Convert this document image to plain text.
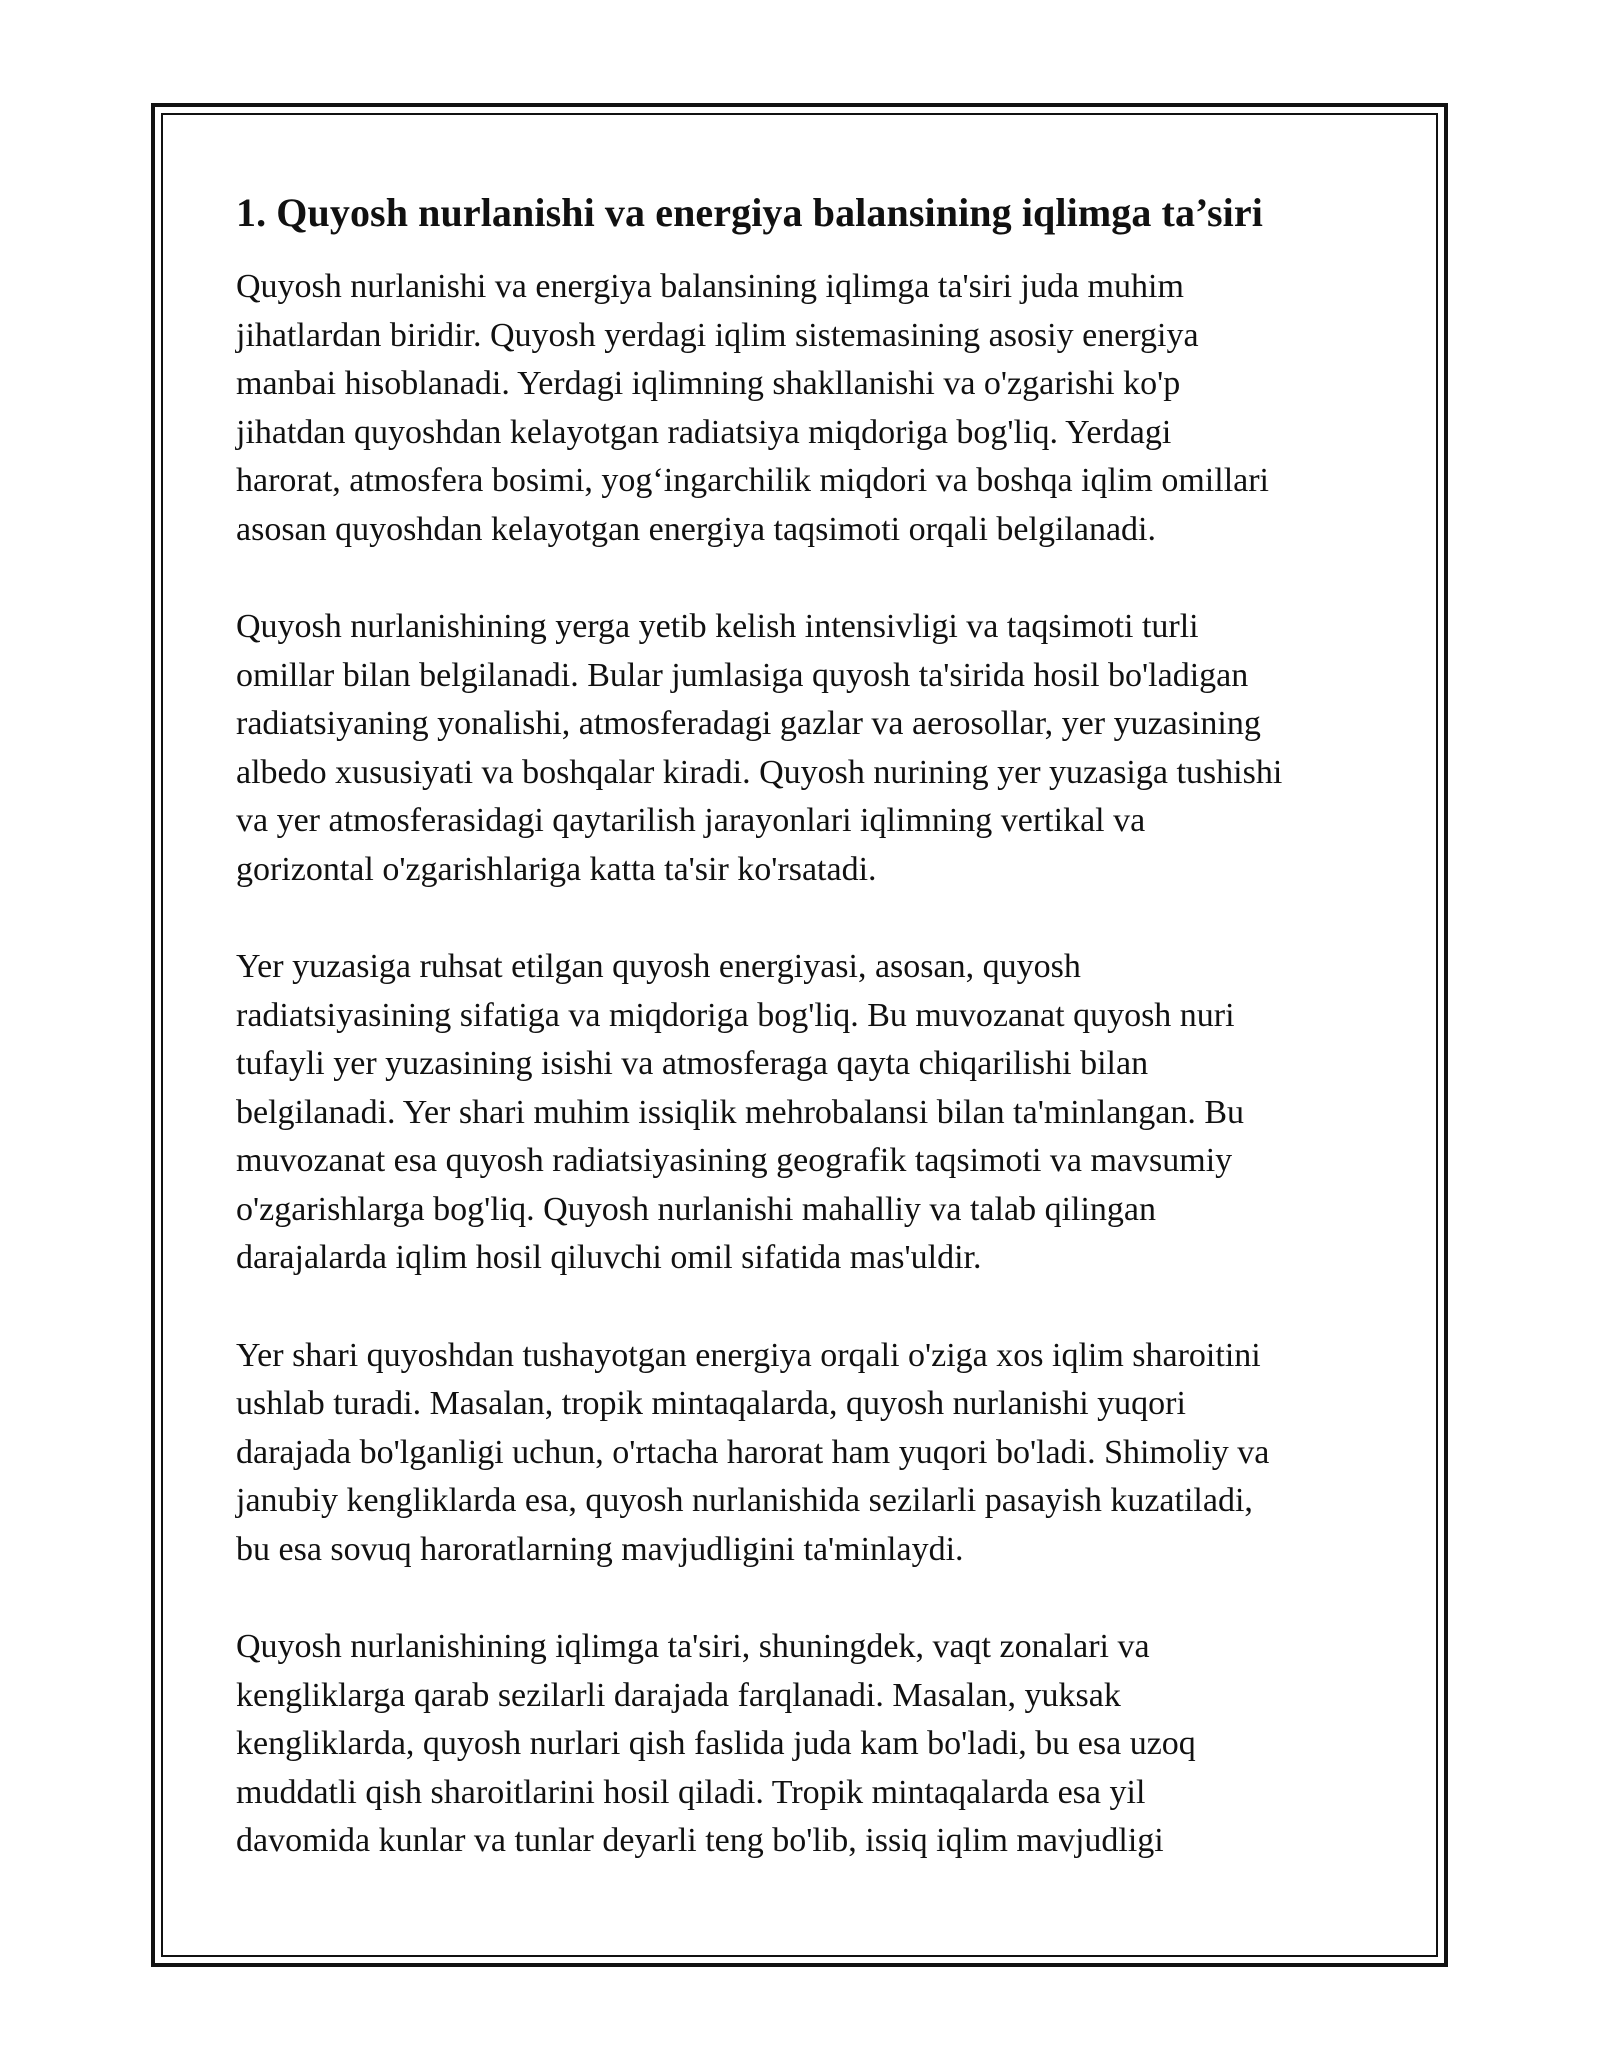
1. Quyosh nurlanishi va energiya balansining iqlimga ta’siri

Quyosh nurlanishi va energiya balansining iqlimga ta'siri juda muhim
jihatlardan biridir. Quyosh yerdagi iqlim sistemasining asosiy energiya
manbai hisoblanadi. Yerdagi iqlimning shakllanishi va o'zgarishi ko'p
jihatdan quyoshdan kelayotgan radiatsiya miqdoriga bog'liq. Yerdagi
harorat, atmosfera bosimi, yog‘ingarchilik miqdori va boshqa iqlim omillari
asosan quyoshdan kelayotgan energiya taqsimoti orqali belgilanadi.

Quyosh nurlanishining yerga yetib kelish intensivligi va taqsimoti turli
omillar bilan belgilanadi. Bular jumlasiga quyosh ta'sirida hosil bo'ladigan
radiatsiyaning yonalishi, atmosferadagi gazlar va aerosollar, yer yuzasining
albedo xususiyati va boshqalar kiradi. Quyosh nurining yer yuzasiga tushishi
va yer atmosferasidagi qaytarilish jarayonlari iqlimning vertikal va
gorizontal o'zgarishlariga katta ta'sir ko'rsatadi.

Yer yuzasiga ruhsat etilgan quyosh energiyasi, asosan, quyosh
radiatsiyasining sifatiga va miqdoriga bog'liq. Bu muvozanat quyosh nuri
tufayli yer yuzasining isishi va atmosferaga qayta chiqarilishi bilan
belgilanadi. Yer shari muhim issiqlik mehrobalansi bilan ta'minlangan. Bu
muvozanat esa quyosh radiatsiyasining geografik taqsimoti va mavsumiy
o'zgarishlarga bog'liq. Quyosh nurlanishi mahalliy va talab qilingan
darajalarda iqlim hosil qiluvchi omil sifatida mas'uldir.

Yer shari quyoshdan tushayotgan energiya orqali o'ziga xos iqlim sharoitini
ushlab turadi. Masalan, tropik mintaqalarda, quyosh nurlanishi yuqori
darajada bo'lganligi uchun, o'rtacha harorat ham yuqori bo'ladi. Shimoliy va
janubiy kengliklarda esa, quyosh nurlanishida sezilarli pasayish kuzatiladi,
bu esa sovuq haroratlarning mavjudligini ta'minlaydi.

Quyosh nurlanishining iqlimga ta'siri, shuningdek, vaqt zonalari va
kengliklarga qarab sezilarli darajada farqlanadi. Masalan, yuksak
kengliklarda, quyosh nurlari qish faslida juda kam bo'ladi, bu esa uzoq
muddatli qish sharoitlarini hosil qiladi. Tropik mintaqalarda esa yil
davomida kunlar va tunlar deyarli teng bo'lib, issiq iqlim mavjudligi
